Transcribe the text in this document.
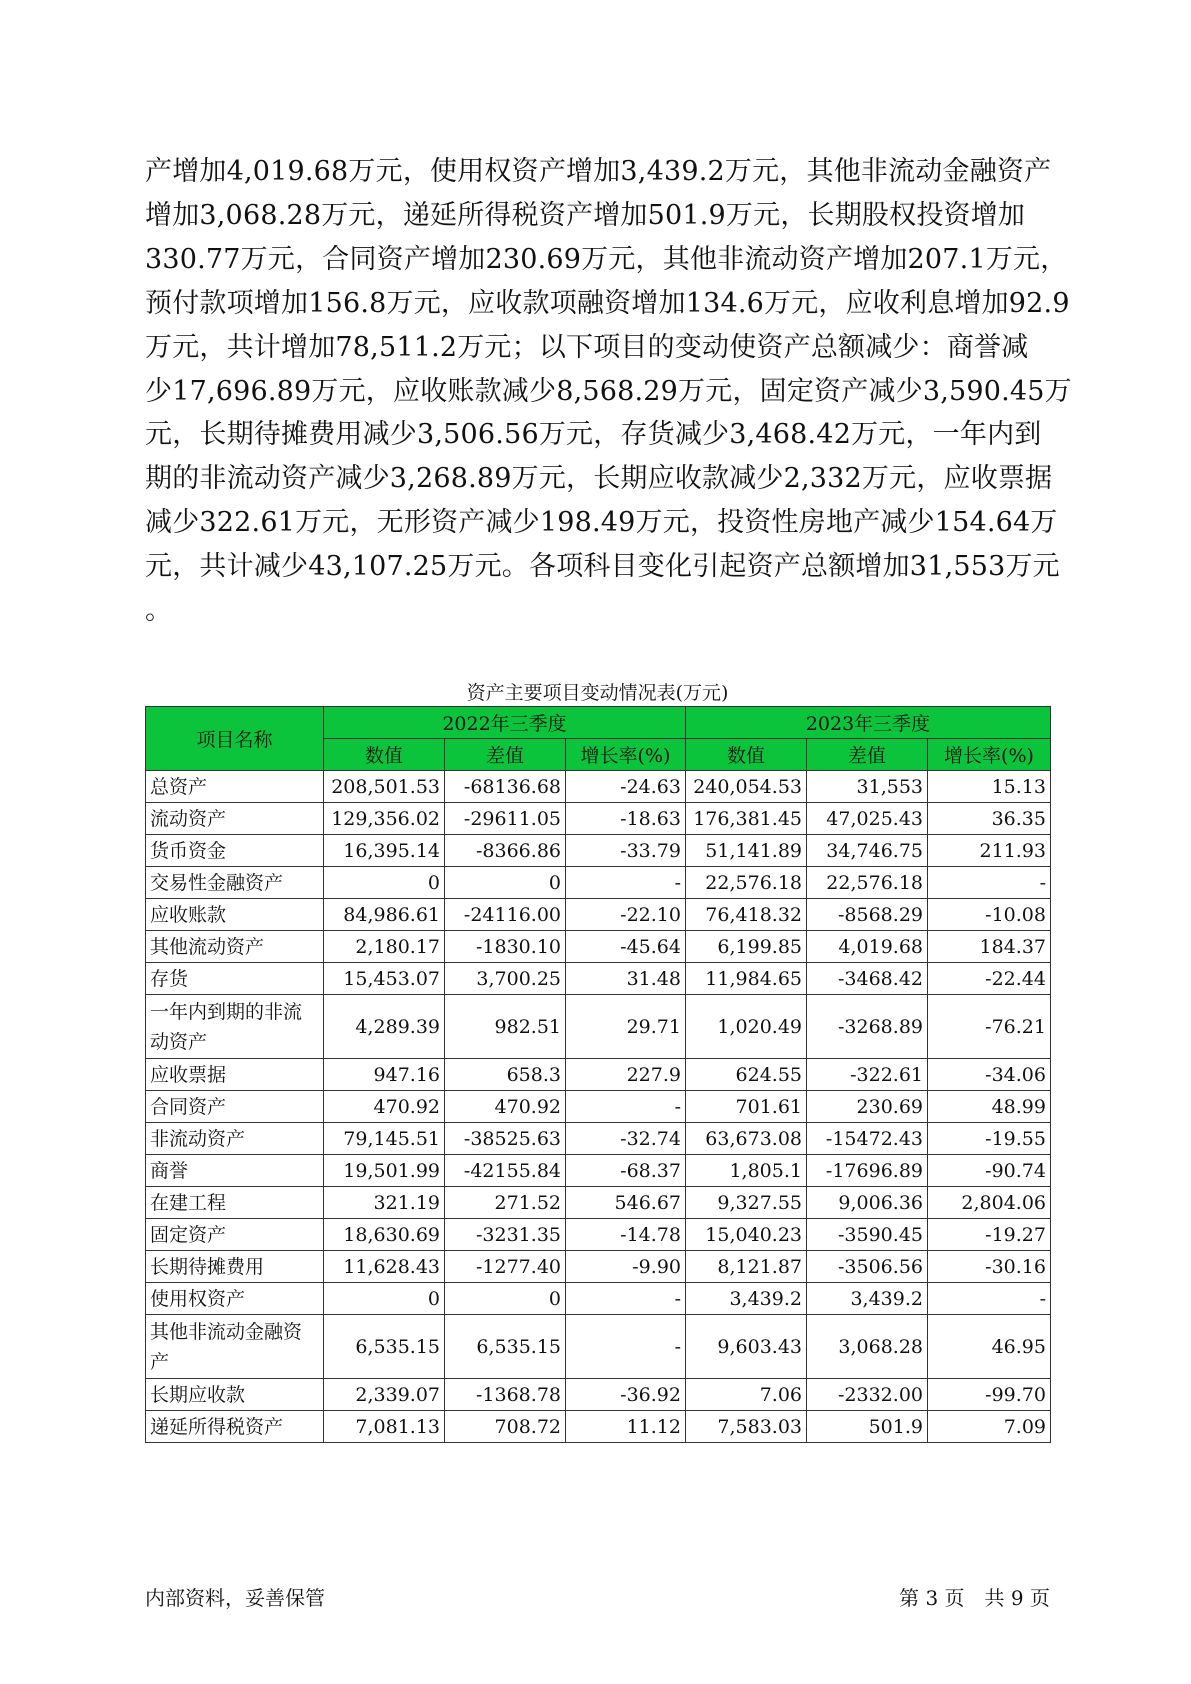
产增加4,019.68万元，使用权资产增加3,439.2万元，其他非流动金融资产
增加3,068.28万元，递延所得税资产增加501.9万元，长期股权投资增加
330.77万元，合同资产增加230.69万元，其他非流动资产增加207.1万元，
预付款项增加156.8万元，应收款项融资增加134.6万元，应收利息增加92.9
万元，共计增加78,511.2万元；以下项目的变动使资产总额减少：商誉减
少17,696.89万元，应收账款减少8,568.29万元，固定资产减少3,590.45万
元，长期待摊费用减少3,506.56万元，存货减少3,468.42万元，一年内到
期的非流动资产减少3,268.89万元，长期应收款减少2,332万元，应收票据
减少322.61万元，无形资产减少198.49万元，投资性房地产减少154.64万
元，共计减少43,107.25万元。各项科目变化引起资产总额增加31,553万元
。
资产主要项目变动情况表(万元)
项目名称	2022年三季度			2023年三季度		
	数值	差值	增长率(%)	数值	差值	增长率(%)
总资产	208,501.53	-68136.68	-24.63	240,054.53	31,553	15.13
流动资产	129,356.02	-29611.05	-18.63	176,381.45	47,025.43	36.35
货币资金	16,395.14	-8366.86	-33.79	51,141.89	34,746.75	211.93
交易性金融资产	0	0	-	22,576.18	22,576.18	-
应收账款	84,986.61	-24116.00	-22.10	76,418.32	-8568.29	-10.08
其他流动资产	2,180.17	-1830.10	-45.64	6,199.85	4,019.68	184.37
存货	15,453.07	3,700.25	31.48	11,984.65	-3468.42	-22.44
一年内到期的非流动资产	4,289.39	982.51	29.71	1,020.49	-3268.89	-76.21
应收票据	947.16	658.3	227.9	624.55	-322.61	-34.06
合同资产	470.92	470.92	-	701.61	230.69	48.99
非流动资产	79,145.51	-38525.63	-32.74	63,673.08	-15472.43	-19.55
商誉	19,501.99	-42155.84	-68.37	1,805.1	-17696.89	-90.74
在建工程	321.19	271.52	546.67	9,327.55	9,006.36	2,804.06
固定资产	18,630.69	-3231.35	-14.78	15,040.23	-3590.45	-19.27
长期待摊费用	11,628.43	-1277.40	-9.90	8,121.87	-3506.56	-30.16
使用权资产	0	0	-	3,439.2	3,439.2	-
其他非流动金融资产	6,535.15	6,535.15	-	9,603.43	3,068.28	46.95
长期应收款	2,339.07	-1368.78	-36.92	7.06	-2332.00	-99.70
递延所得税资产	7,081.13	708.72	11.12	7,583.03	501.9	7.09
内部资料，妥善保管	第 3 页　共 9 页
